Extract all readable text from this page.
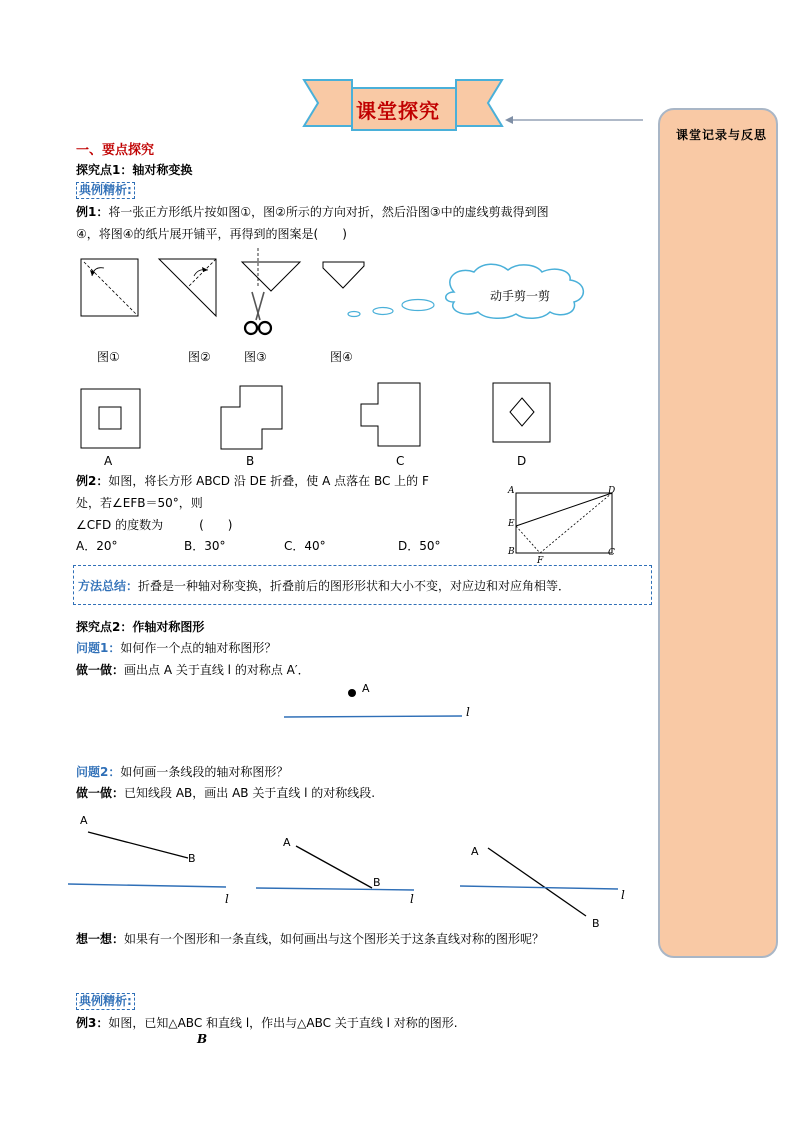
课堂探究
课堂记录与反思
一、要点探究
探究点1：轴对称变换
典例精析:
例1：将一张正方形纸片按如图①，图②所示的方向对折，然后沿图③中的虚线剪裁得到图
④，将图④的纸片展开铺平，再得到的图案是(　　)
动手剪一剪
图①	图②	图③	图④
A	B	C	D
例2：如图，将长方形 ABCD 沿 DE 折叠，使 A 点落在 BC 上的 F
处，若∠EFB＝50°，则
∠CFD 的度数为　　　(　　)
A．20°	B．30°	C．40°	D．50°
A	D
E
B
F
C
方法总结：折叠是一种轴对称变换，折叠前后的图形形状和大小不变，对应边和对应角相等．
探究点2：作轴对称图形
问题1：如何作一个点的轴对称图形？
做一做：画出点 A 关于直线 l 的对称点 A′．
A
l
问题2：如何画一条线段的轴对称图形？
做一做：已知线段 AB，画出 AB 关于直线 l 的对称线段.
A
B
l
A
B
l
A
B
l
想一想：如果有一个图形和一条直线，如何画出与这个图形关于这条直线对称的图形呢？
典例精析:
例3：如图，已知△ABC 和直线 l，作出与△ABC 关于直线 l 对称的图形.
B
